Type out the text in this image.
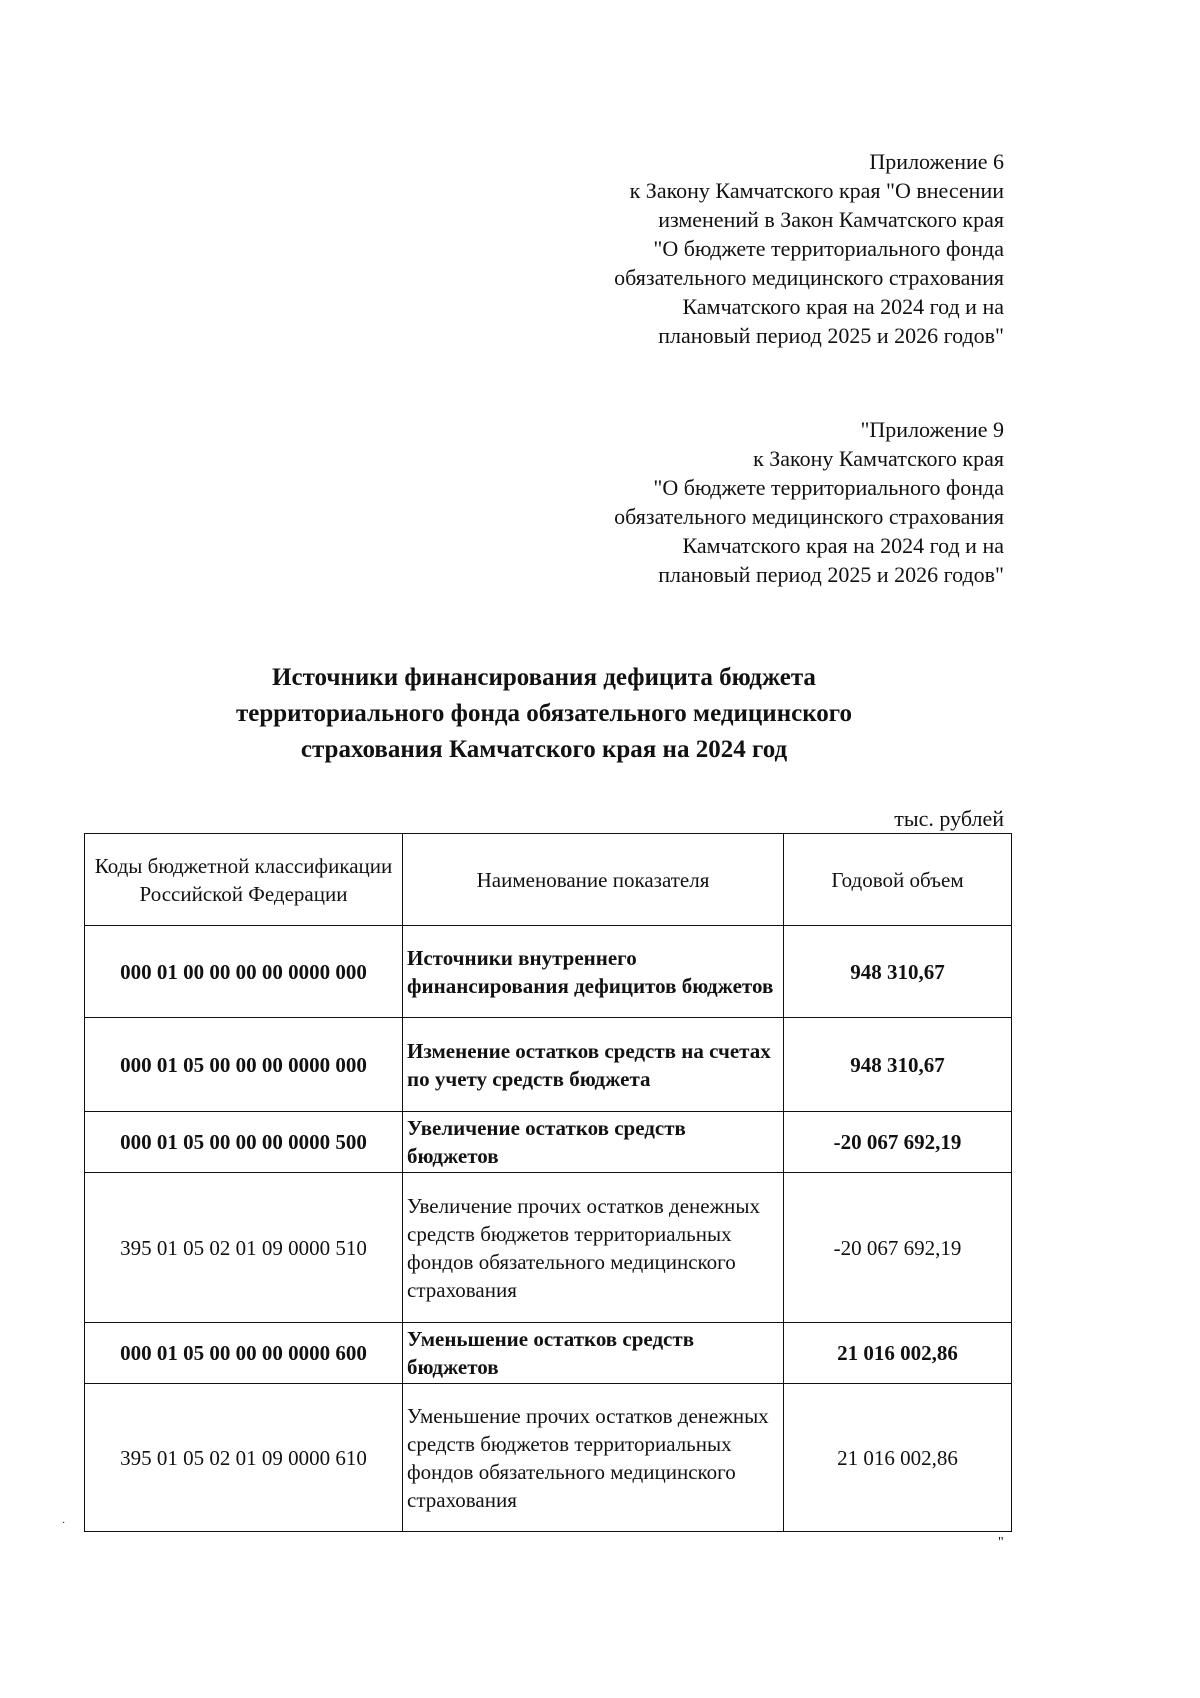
Приложение 6
к Закону Камчатского края "О внесении
изменений в Закон Камчатского края
"О бюджете территориального фонда
обязательного медицинского страхования
Камчатского края на 2024 год и на
плановый период 2025 и 2026 годов"
"Приложение 9
к Закону Камчатского края
"О бюджете территориального фонда
обязательного медицинского страхования
Камчатского края на 2024 год и на
плановый период 2025 и 2026 годов"
Источники финансирования дефицита бюджета
территориального фонда обязательного медицинского
страхования Камчатского края на 2024 год
тыс. рублей
Коды бюджетной классификации Российской Федерации	Наименование показателя	Годовой объем
000 01 00 00 00 00 0000 000	Источники внутреннего финансирования дефицитов бюджетов	948 310,67
000 01 05 00 00 00 0000 000	Изменение остатков средств на счетах по учету средств бюджета	948 310,67
000 01 05 00 00 00 0000 500	Увеличение остатков средств бюджетов	-20 067 692,19
395 01 05 02 01 09 0000 510	Увеличение прочих остатков денежных средств бюджетов территориальных фондов обязательного медицинского страхования	-20 067 692,19
000 01 05 00 00 00 0000 600	Уменьшение остатков средств бюджетов	21 016 002,86
395 01 05 02 01 09 0000 610	Уменьшение прочих остатков денежных средств бюджетов территориальных фондов обязательного медицинского страхования	21 016 002,86
"
·
